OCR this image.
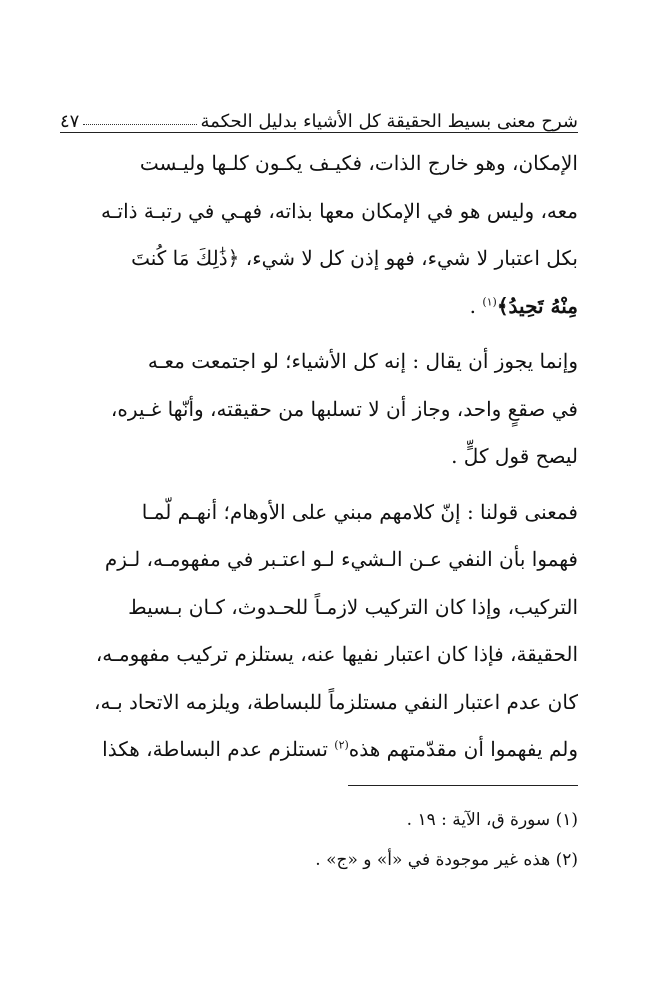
شرح معنى بسيط الحقيقة كل الأشياء بدليل الحكمة
٤٧
الإمكان، وهو خارج الذات، فكيـف يكـون كلـها وليـست
معه، وليس هو في الإمكان معها بذاته، فهـي في رتبـة ذاتـه
بكل اعتبار لا شيء، فهو إذن كل لا شيء، ﴿ذَٰلِكَ مَا كُنتَ
مِنْهُ تَحِيدُ﴾$^{(١)}$ .
وإنما يجوز أن يقال : إنه كل الأشياء؛ لو اجتمعت معـه
في صقعٍ واحد، وجاز أن لا تسلبها من حقيقته، وأنّها غـيره،
ليصح قول كلٍّ .
فمعنى قولنا : إنّ كلامهم مبني على الأوهام؛ أنهـم لّمـا
فهموا بأن النفي عـن الـشيء لـو اعتـبر في مفهومـه، لـزم
التركيب، وإذا كان التركيب لازمـاً للحـدوث، كـان بـسيط
الحقيقة، فإذا كان اعتبار نفيها عنه، يستلزم تركيب مفهومـه،
كان عدم اعتبار النفي مستلزماً للبساطة، ويلزمه الاتحاد بـه،
ولم يفهموا أن مقدّمتهم هذه$^{(٢)}$ تستلزم عدم البساطة، هكذا
(١) سورة ق، الآية : ١٩ .
(٢) هذه غير موجودة في «أ» و «ج» .
